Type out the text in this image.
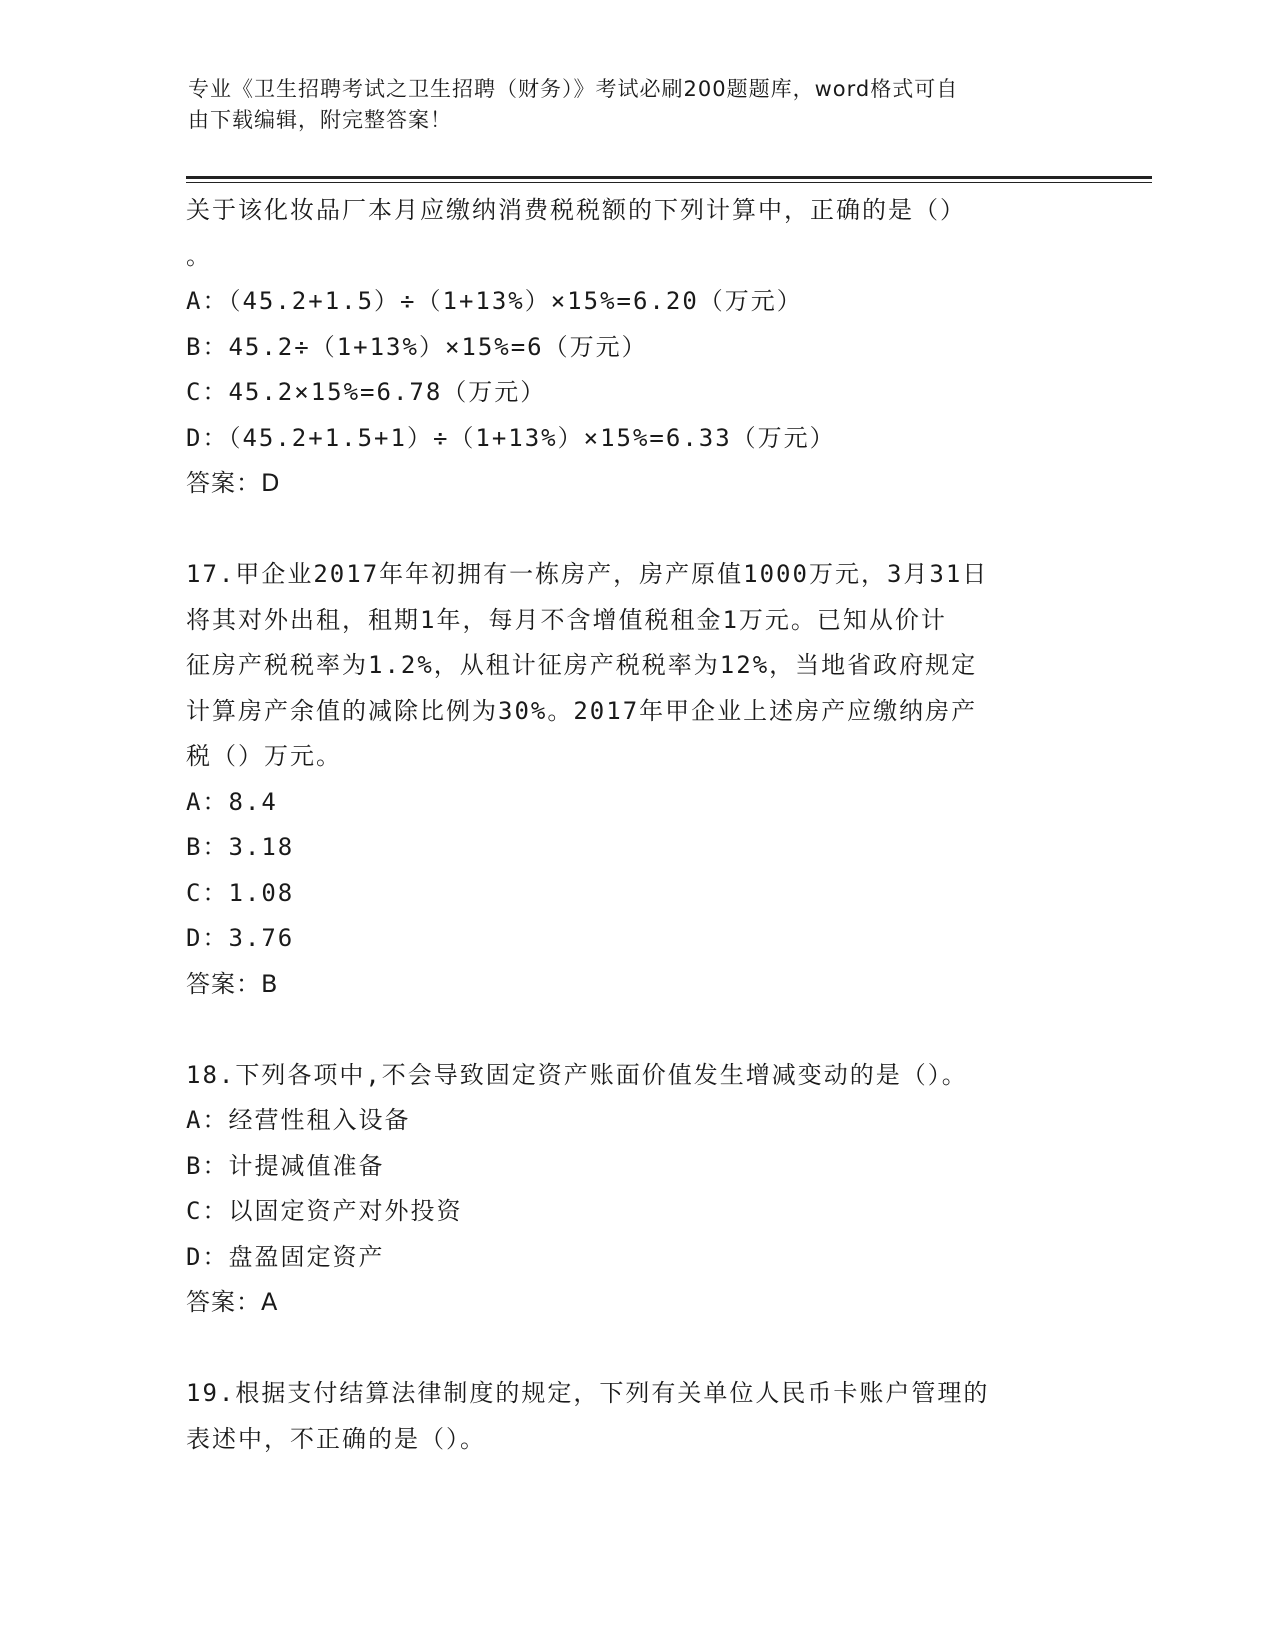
专业《卫生招聘考试之卫生招聘（财务）》考试必刷200题题库，word格式可自
由下载编辑，附完整答案！
关于该化妆品厂本月应缴纳消费税税额的下列计算中，正确的是（）
。
A：（45.2+1.5）÷（1+13%）×15%=6.20（万元）
B：45.2÷（1+13%）×15%=6（万元）
C：45.2×15%=6.78（万元）
D：（45.2+1.5+1）÷（1+13%）×15%=6.33（万元）
答案：D
17.甲企业2017年年初拥有一栋房产，房产原值1000万元，3月31日
将其对外出租，租期1年，每月不含增值税租金1万元。已知从价计
征房产税税率为1.2%，从租计征房产税税率为12%，当地省政府规定
计算房产余值的减除比例为30%。2017年甲企业上述房产应缴纳房产
税（）万元。
A：8.4
B：3.18
C：1.08
D：3.76
答案：B
18.下列各项中,不会导致固定资产账面价值发生增减变动的是（）。
A：经营性租入设备
B：计提减值准备
C：以固定资产对外投资
D：盘盈固定资产
答案：A
19.根据支付结算法律制度的规定，下列有关单位人民币卡账户管理的
表述中，不正确的是（）。
